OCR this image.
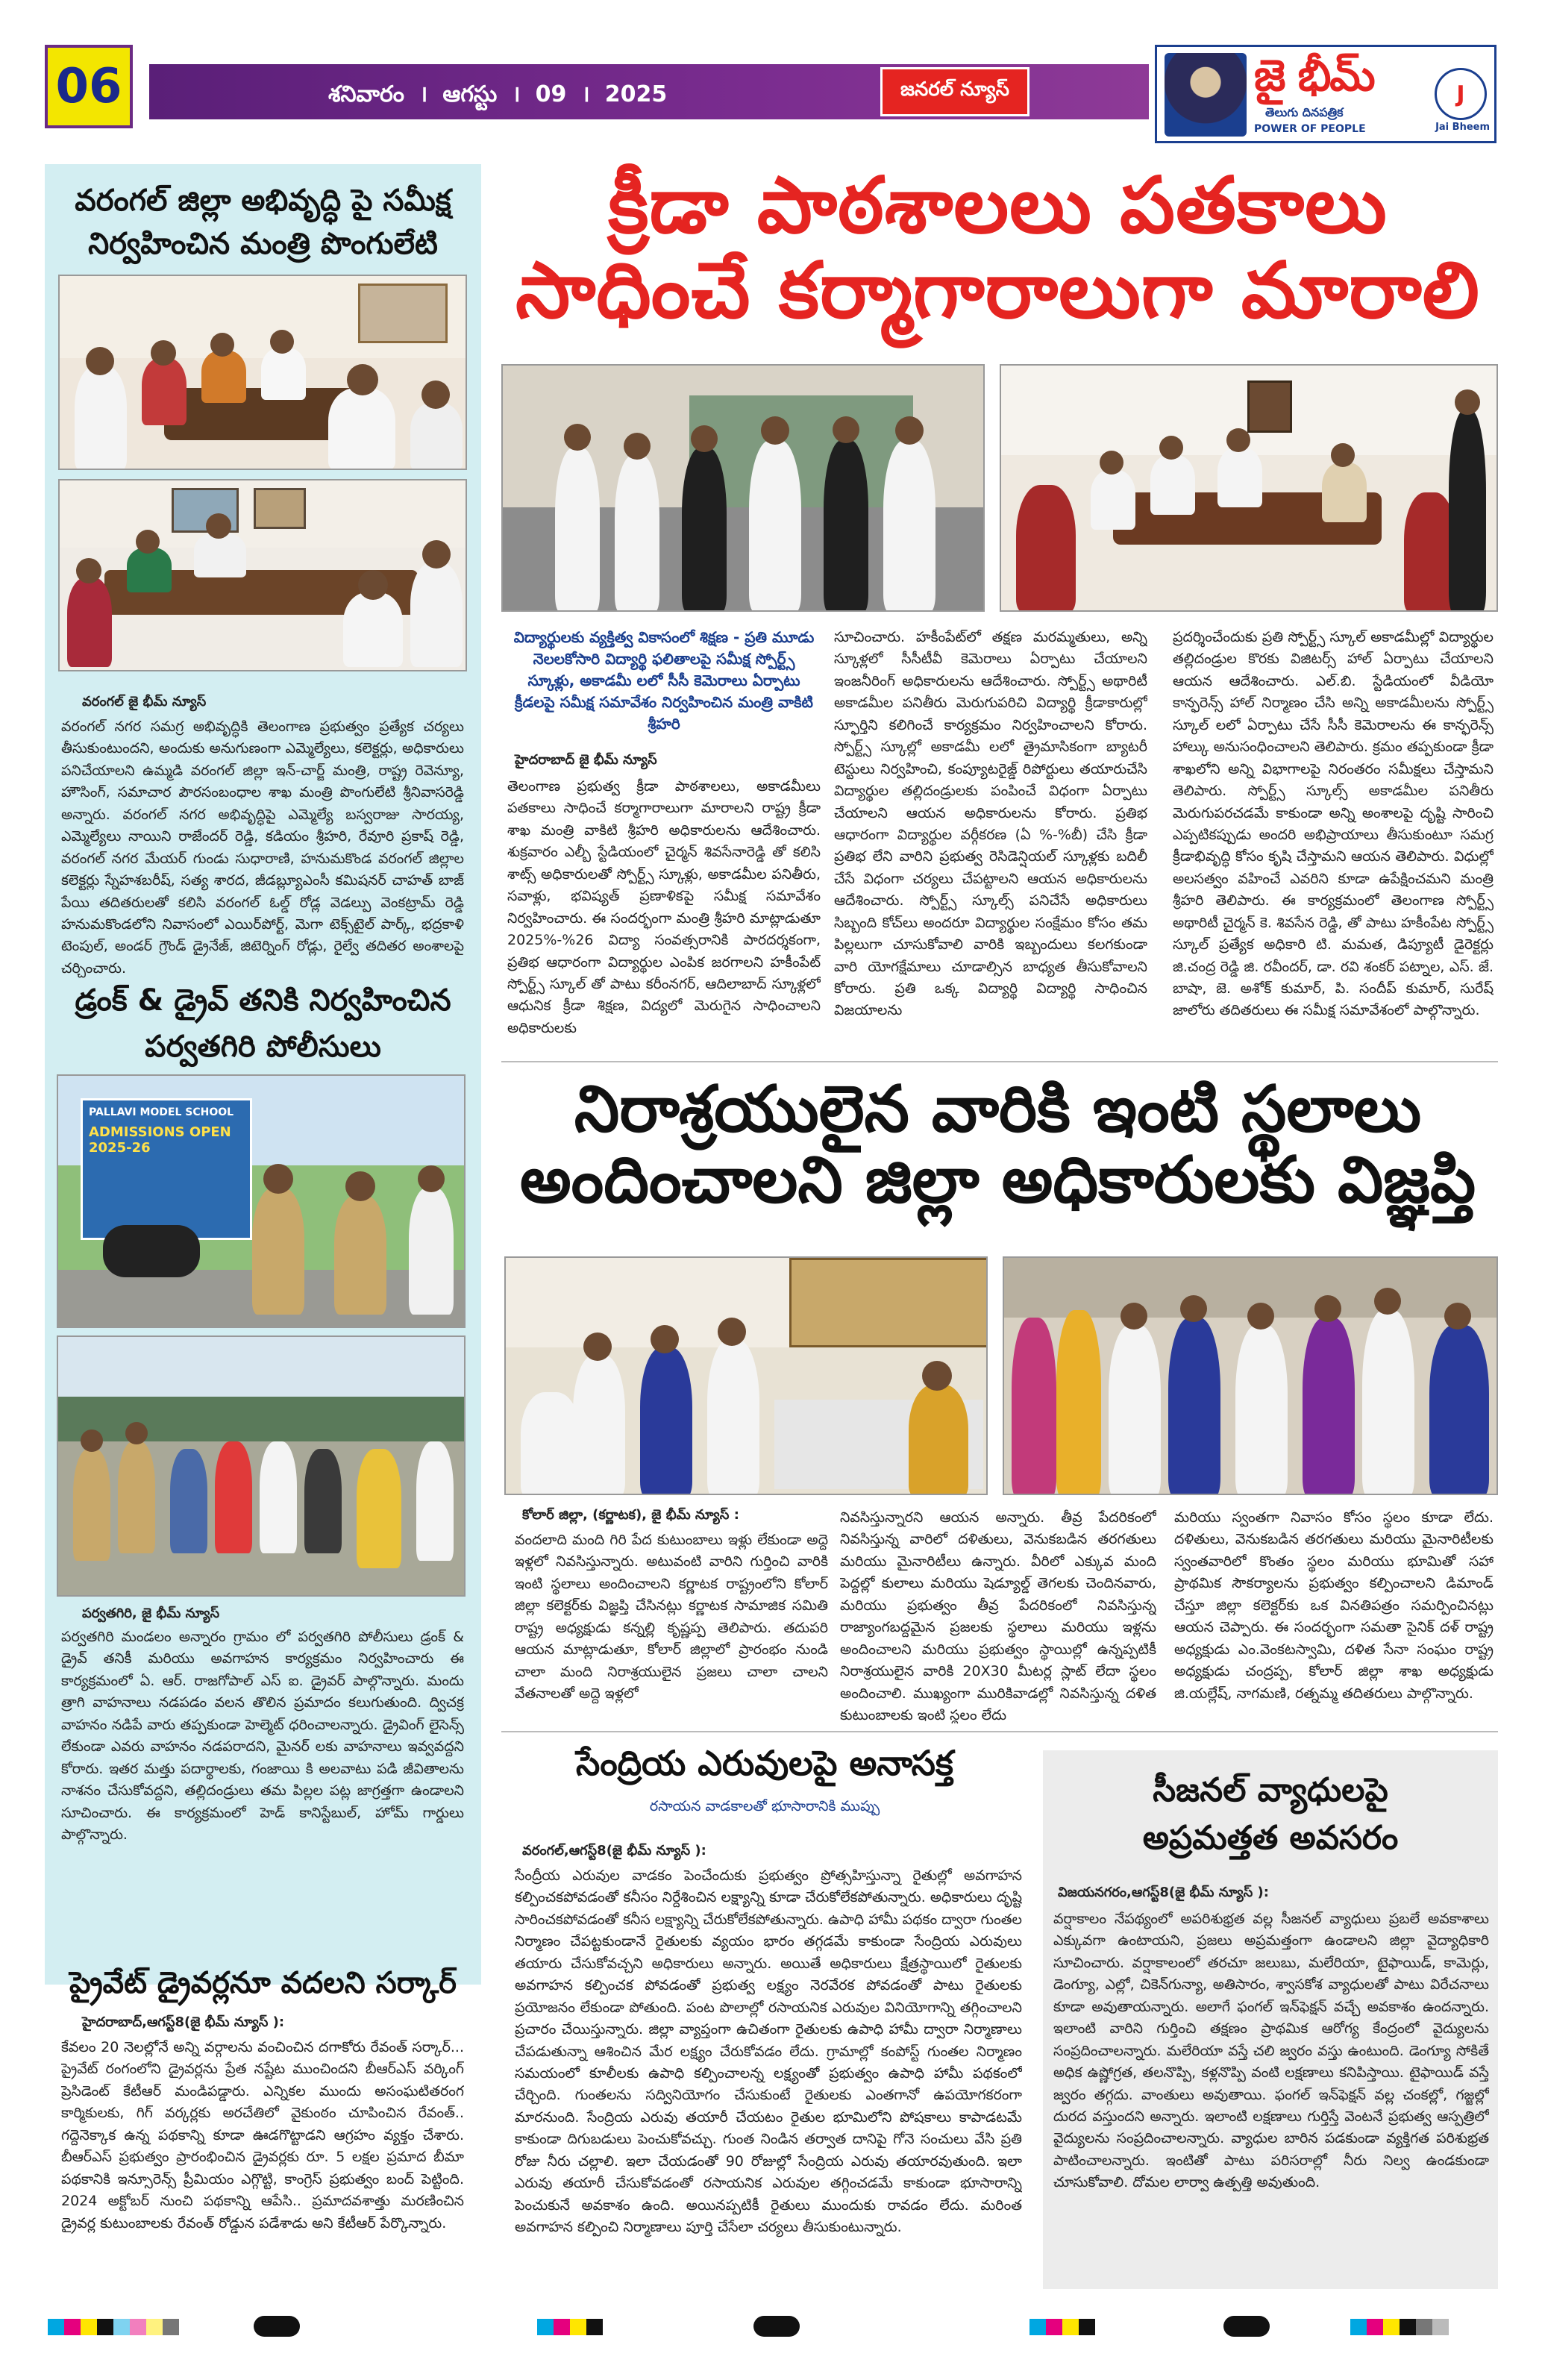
06	శనివారం । ఆగస్టు । 09 । 2025	జనరల్ న్యూస్	జై భీమ్
తెలుగు దినపత్రిక
POWER OF PEOPLE
J
Jai Bheem
వరంగల్ జిల్లా అభివృద్ధి పై సమీక్ష
నిర్వహించిన మంత్రి పొంగులేటి
వరంగల్ జై భీమ్ న్యూస్
వరంగల్ నగర సమగ్ర అభివృద్ధికి తెలంగాణ ప్రభుత్వం ప్రత్యేక చర్యలు తీసుకుంటుందని, అందుకు అనుగుణంగా ఎమ్మెల్యేలు, కలెక్టర్లు, అధికారులు పనిచేయాలని ఉమ్మడి వరంగల్ జిల్లా ఇన్-చార్జ్ మంత్రి, రాష్ట్ర రెవెన్యూ, హౌసింగ్, సమాచార పౌరసంబంధాల శాఖ మంత్రి పొంగులేటి శ్రీనివాసరెడ్డి అన్నారు. వరంగల్ నగర అభివృద్ధిపై ఎమ్మెల్యే బస్వరాజు సారయ్య, ఎమ్మెల్యేలు నాయిని రాజేందర్ రెడ్డి, కడియం శ్రీహరి, రేవూరి ప్రకాష్ రెడ్డి, వరంగల్ నగర మేయర్ గుండు సుధారాణి, హనుమకొండ వరంగల్ జిల్లాల కలెక్టర్లు స్నేహశబరీష్, సత్య శారద, జీడబ్ల్యూఎంసీ కమిషనర్ చాహత్ బాజ్ పేయి తదితరులతో కలిసి వరంగల్ ఓల్డ్ రోడ్ల వెడల్పు వెంకట్రామ్ రెడ్డి హనుమకొండలోని నివాసంలో ఎయిర్‌పోర్ట్, మెగా టెక్స్‌టైల్ పార్క్, భద్రకాళి టెంపుల్, అండర్ గ్రౌండ్ డ్రైనేజ్, జిటెర్నింగ్ రోడ్లు, రైల్వే తదితర అంశాలపై చర్చించారు.
డ్రంక్ & డ్రైవ్ తనికి నిర్వహించిన
పర్వతగిరి పోలీసులు
PALLAVI MODEL SCHOOL
ADMISSIONS OPEN 2025-26
పర్వతగిరి, జై భీమ్ న్యూస్
పర్వతగిరి మండలం అన్నారం గ్రామం లో పర్వతగిరి పోలీసులు డ్రంక్ & డ్రైవ్ తనికీ మరియు అవగాహన కార్యక్రమం నిర్వహించారు ఈ కార్యక్రమంలో ఏ. ఆర్. రాజగోపాల్ ఎస్ ఐ. డ్రైవర్ పాల్గొన్నారు. మందు త్రాగి వాహనాలు నడపడం వలన తొలిన ప్రమాదం కలుగుతుంది. ద్విచక్ర వాహనం నడిపే వారు తప్పకుండా హెల్మెట్ ధరించాలన్నారు. డ్రైవింగ్ లైసెన్స్ లేకుండా ఎవరు వాహనం నడపరాదని, మైనర్ లకు వాహనాలు ఇవ్వవద్దని కోరారు. ఇతర మత్తు పదార్థాలకు, గంజాయి కి అలవాటు పడి జీవితాలను నాశనం చేసుకోవద్దని, తల్లిదండ్రులు తమ పిల్లల పట్ల జాగ్రత్తగా ఉండాలని సూచించారు. ఈ కార్యక్రమంలో హెడ్ కానిస్టేబుల్, హోమ్ గార్డులు పాల్గొన్నారు.
ప్రైవేట్ డ్రైవర్లనూ వదలని సర్కార్
హైదరాబాద్,ఆగస్ట్8(జై భీమ్ న్యూస్ ):
కేవలం 20 నెలల్లోనే అన్ని వర్గాలను వంచించిన దగాకోరు రేవంత్ సర్కార్... ప్రైవేట్ రంగంలోని డ్రైవర్లను ప్రేత నష్టేట ముంచిందని బీఆర్‌ఎస్ వర్కింగ్ ప్రెసిడెంట్ కేటీఆర్ మండిపడ్డారు. ఎన్నికల ముందు అసంఘటితరంగ కార్మికులకు, గిగ్ వర్కర్లకు అరచేతిలో వైకుంఠం చూపించిన రేవంత్.. గద్దెనెక్కాక ఉన్న పథకాన్ని కూడా ఊడగొట్టాడని ఆగ్రహం వ్యక్తం చేశారు. బీఆర్ఎస్ ప్రభుత్వం ప్రారంభించిన డ్రైవర్లకు రూ. 5 లక్షల ప్రమాద బీమా పథకానికి ఇన్సూరెన్స్ ప్రీమియం ఎగ్గొట్టి, కాంగ్రెస్ ప్రభుత్వం బంద్ పెట్టింది. 2024 అక్టోబర్ నుంచి పథకాన్ని ఆపేసి.. ప్రమాదవశాత్తు మరణించిన డ్రైవర్ల కుటుంబాలకు రేవంత్ రోడ్డున పడేశాడు అని కేటీఆర్ పేర్కొన్నారు.
క్రీడా పాఠశాలలు పతకాలు
సాధించే కర్మాగారాలుగా మారాలి
విద్యార్థులకు వ్యక్తిత్వ వికాసంలో శిక్షణ - ప్రతి మూడు నెలలకోసారి విద్యార్థి ఫలితాలపై సమీక్ష స్పోర్ట్స్ స్కూళ్లు, అకాడమీ లలో సీసీ కెమెరాలు ఏర్పాటు క్రీడలపై సమీక్ష సమావేశం నిర్వహించిన మంత్రి వాకిటి శ్రీహరి
హైదరాబాద్ జై భీమ్ న్యూస్
తెలంగాణ ప్రభుత్వ క్రీడా పాఠశాలలు, అకాడమీలు పతకాలు సాధించే కర్మాగారాలుగా మారాలని రాష్ట్ర క్రీడా శాఖ మంత్రి వాకిటి శ్రీహరి అధికారులను ఆదేశించారు. శుక్రవారం ఎల్బీ స్టేడియంలో చైర్మన్ శివసేనారెడ్డి తో కలిసి శాట్స్ అధికారులతో స్పోర్ట్స్ స్కూళ్లు, అకాడమీల పనితీరు, సవాళ్లు, భవిష్యత్ ప్రణాళికపై సమీక్ష సమావేశం నిర్వహించారు. ఈ సందర్భంగా మంత్రి శ్రీహరి మాట్లాడుతూ 2025%-%26 విద్యా సంవత్సరానికి పారదర్శకంగా, ప్రతిభ ఆధారంగా విద్యార్థుల ఎంపిక జరగాలని హకీంపేట్ స్పోర్ట్స్ స్కూల్ తో పాటు కరీంనగర్, ఆదిలాబాద్ స్కూళ్లలో ఆధునిక క్రీడా శిక్షణ, విద్యలో మెరుగైన సాధించాలని అధికారులకు
సూచించారు. హకీంపేట్‌లో తక్షణ మరమ్మతులు, అన్ని స్కూళ్లలో సీసీటీవీ కెమెరాలు ఏర్పాటు చేయాలని ఇంజనీరింగ్ అధికారులను ఆదేశించారు. స్పోర్ట్స్ అథారిటీ అకాడమీల పనితీరు మెరుగుపరిచి విద్యార్థి క్రీడాకారుల్లో స్ఫూర్తిని కలిగించే కార్యక్రమం నిర్వహించాలని కోరారు. స్పోర్ట్స్ స్కూల్లో అకాడమీ లలో త్రైమాసికంగా బ్యాటరీ టెస్టులు నిర్వహించి, కంప్యూటరైజ్డ్ రిపోర్టులు తయారుచేసి విద్యార్థుల తల్లిదండ్రులకు పంపించే విధంగా ఏర్పాటు చేయాలని ఆయన అధికారులను కోరారు. ప్రతిభ ఆధారంగా విద్యార్థుల వర్గీకరణ (ఏ %-%బీ) చేసి క్రీడా ప్రతిభ లేని వారిని ప్రభుత్వ రెసిడెన్షియల్ స్కూళ్లకు బదిలీ చేసే విధంగా చర్యలు చేపట్టాలని ఆయన అధికారులను ఆదేశించారు. స్పోర్ట్స్ స్కూల్స్ పనిచేసే అధికారులు సిబ్బంది కోచ్‌లు అందరూ విద్యార్థుల సంక్షేమం కోసం తమ పిల్లలుగా చూసుకోవాలి వారికి ఇబ్బందులు కలగకుండా వారి యోగక్షేమాలు చూడాల్సిన బాధ్యత తీసుకోవాలని కోరారు. ప్రతి ఒక్క విద్యార్థి విద్యార్థి సాధించిన విజయాలను
ప్రదర్శించేందుకు ప్రతి స్పోర్ట్స్ స్కూల్ అకాడమీల్లో విద్యార్థుల తల్లిదండ్రుల కొరకు విజిటర్స్ హాల్ ఏర్పాటు చేయాలని ఆయన ఆదేశించారు. ఎల్.బి. స్టేడియంలో వీడియో కాన్ఫరెన్స్ హాల్ నిర్మాణం చేసి అన్ని అకాడమీలను స్పోర్ట్స్ స్కూల్ లలో ఏర్పాటు చేసే సీసీ కెమెరాలను ఈ కాన్ఫరెన్స్ హాల్కు అనుసంధించాలని తెలిపారు. క్రమం తప్పకుండా క్రీడా శాఖలోని అన్ని విభాగాలపై నిరంతరం సమీక్షలు చేస్తామని తెలిపారు. స్పోర్ట్స్ స్కూల్స్ అకాడమీల పనితీరు మెరుగుపరచడమే కాకుండా అన్ని అంశాలపై దృష్టి సారించి ఎప్పటికప్పుడు అందరి అభిప్రాయాలు తీసుకుంటూ సమగ్ర క్రీడాభివృద్ధి కోసం కృషి చేస్తామని ఆయన తెలిపారు. విధుల్లో అలసత్వం వహించే ఎవరిని కూడా ఉపేక్షించమని మంత్రి శ్రీహరి తెలిపారు. ఈ కార్యక్రమంలో తెలంగాణ స్పోర్ట్స్ అథారిటీ చైర్మన్ కె. శివసేన రెడ్డి, తో పాటు హకీంపేట స్పోర్ట్స్ స్కూల్ ప్రత్యేక అధికారి టి. మమత, డిప్యూటీ డైరెక్టర్లు జి.చంద్ర రెడ్డి జి. రవీందర్, డా. రవి శంకర్ పట్నాల, ఎస్. జే. బాషా, జె. అశోక్ కుమార్, పి. సందీప్ కుమార్, సురేష్ జాలోరు తదితరులు ఈ సమీక్ష సమావేశంలో పాల్గొన్నారు.
నిరాశ్రయులైన వారికి ఇంటి స్థలాలు
అందించాలని జిల్లా అధికారులకు విజ్ఞప్తి
కోలార్ జిల్లా, (కర్ణాటక), జై భీమ్ న్యూస్ :
వందలాది మంది గిరి పేద కుటుంబాలు ఇళ్లు లేకుండా అద్దె ఇళ్లలో నివసిస్తున్నారు. అటువంటి వారిని గుర్తించి వారికి ఇంటి స్థలాలు అందించాలని కర్ణాటక రాష్ట్రంలోని కోలార్ జిల్లా కలెక్టర్‌కు విజ్ఞప్తి చేసినట్లు కర్ణాటక సామాజిక సమితి రాష్ట్ర అధ్యక్షుడు కన్నల్లి కృష్ణప్ప తెలిపారు. తదుపరి ఆయన మాట్లాడుతూ, కోలార్ జిల్లాలో ప్రారంభం నుండి చాలా మంది నిరాశ్రయులైన ప్రజలు చాలా చాలని వేతనాలతో అద్దె ఇళ్లలో
నివసిస్తున్నారని ఆయన అన్నారు. తీవ్ర పేదరికంలో నివసిస్తున్న వారిలో దళితులు, వెనుకబడిన తరగతులు మరియు మైనారిటీలు ఉన్నారు. వీరిలో ఎక్కువ మంది పెద్దల్లో కులాలు మరియు షెడ్యూల్డ్ తెగలకు చెందినవారు, మరియు ప్రభుత్వం తీవ్ర పేదరికంలో నివసిస్తున్న రాజ్యాంగబద్దమైన ప్రజలకు స్థలాలు మరియు ఇళ్లను అందించాలని మరియు ప్రభుత్వం స్థాయిల్లో ఉన్నప్పటికీ నిరాశ్రయులైన వారికి 20X30 మీటర్ల స్లాట్ లేదా స్థలం అందించాలి. ముఖ్యంగా మురికివాడల్లో నివసిస్తున్న దళిత కుటుంబాలకు ఇంటి స్థలం లేదు
మరియు స్వంతగా నివాసం కోసం స్థలం కూడా లేదు. దళితులు, వెనుకబడిన తరగతులు మరియు మైనారిటీలకు స్వంతవారిలో కొంతం స్థలం మరియు భూమితో సహా ప్రాథమిక సౌకర్యాలను ప్రభుత్వం కల్పించాలని డిమాండ్ చేస్తూ జిల్లా కలెక్టర్‌కు ఒక వినతిపత్రం సమర్పించినట్లు ఆయన చెప్పారు. ఈ సందర్భంగా సమతా సైనిక్ దళ్ రాష్ట్ర అధ్యక్షుడు ఎం.వెంకటస్వామి, దళిత సేనా సంఘం రాష్ట్ర అధ్యక్షుడు చంద్రప్ప, కోలార్ జిల్లా శాఖ అధ్యక్షుడు జి.యల్లేష్, నాగమణి, రత్నమ్మ తదితరులు పాల్గొన్నారు.
సేంద్రియ ఎరువులపై అనాసక్త
రసాయన వాడకాలతో భూసారానికి ముప్పు
వరంగల్,ఆగస్ట్8(జై భీమ్ న్యూస్ ):
సేంద్రీయ ఎరువుల వాడకం పెంచేందుకు ప్రభుత్వం ప్రోత్సహిస్తున్నా రైతుల్లో అవగాహన కల్పించకపోవడంతో కనీసం నిర్దేశించిన లక్ష్యాన్ని కూడా చేరుకోలేకపోతున్నారు. అధికారులు దృష్టి సారించకపోవడంతో కనీస లక్ష్యాన్ని చేరుకోలేకపోతున్నారు. ఉపాధి హామీ పథకం ద్వారా గుంతల నిర్మాణం చేపట్టకుండానే రైతులకు వ్యయం భారం తగ్గడమే కాకుండా సేంద్రియ ఎరువులు తయారు చేసుకోవచ్చని అధికారులు అన్నారు. అయితే అధికారులు క్షేత్రస్థాయిలో రైతులకు అవగాహన కల్పించక పోవడంతో ప్రభుత్వ లక్ష్యం నెరవేరక పోవడంతో పాటు రైతులకు ప్రయోజనం లేకుండా పోతుంది. పంట పొలాల్లో రసాయనిక ఎరువుల వినియోగాన్ని తగ్గించాలని ప్రచారం చేయిస్తున్నారు. జిల్లా వ్యాప్తంగా ఉచితంగా రైతులకు ఉపాధి హామీ ద్వారా నిర్మాణాలు చేపడుతున్నా ఆశించిన మేర లక్ష్యం చేరుకోవడం లేదు. గ్రామాల్లో కంపోస్ట్ గుంతల నిర్మాణం సమయంలో కూలీలకు ఉపాధి కల్పించాలన్న లక్ష్యంతో ప్రభుత్వం ఉపాధి హామీ పథకంలో చేర్చింది. గుంతలను సద్వినియోగం చేసుకుంటే రైతులకు ఎంతగానో ఉపయోగకరంగా మారనుంది. సేంద్రియ ఎరువు తయారీ చేయటం రైతుల భూమిలోని పోషకాలు కాపాడటమే కాకుండా దిగుబడులు పెంచుకోవచ్చు. గుంత నిండిన తర్వాత దానిపై గోనె సంచులు వేసి ప్రతి రోజు నీరు చల్లాలి. ఇలా చేయడంతో 90 రోజుల్లో సేంద్రియ ఎరువు తయారవుతుంది. ఇలా ఎరువు తయారీ చేసుకోవడంతో రసాయనిక ఎరువుల తగ్గించడమే కాకుండా భూసారాన్ని పెంచుకునే అవకాశం ఉంది. అయినప్పటికీ రైతులు ముందుకు రావడం లేదు. మరింత అవగాహన కల్పించి నిర్మాణాలు పూర్తి చేసేలా చర్యలు తీసుకుంటున్నారు.
సీజనల్ వ్యాధులపై
అప్రమత్తత అవసరం
విజయనగరం,ఆగస్ట్8(జై భీమ్ న్యూస్ ):
వర్షాకాలం నేపథ్యంలో అపరిశుభ్రత వల్ల సీజనల్ వ్యాధులు ప్రబలే అవకాశాలు ఎక్కువగా ఉంటాయని, ప్రజలు అప్రమత్తంగా ఉండాలని జిల్లా వైద్యాధికారి సూచించారు. వర్షాకాలంలో తరచూ జలుబు, మలేరియా, టైఫాయిడ్, కామెర్లు, డెంగ్యూ, ఎల్లో, చికెన్‌గున్యా, అతిసారం, శ్వాసకోశ వ్యాధులతో పాటు విరేచనాలు కూడా అవుతాయన్నారు. అలాగే ఫంగల్ ఇన్‌ఫెక్షన్ వచ్చే అవకాశం ఉందన్నారు. ఇలాంటి వారిని గుర్తించి తక్షణం ప్రాథమిక ఆరోగ్య కేంద్రంలో వైద్యులను సంప్రదించాలన్నారు. మలేరియా వస్తే చలి జ్వరం వస్తు ఉంటుంది. డెంగ్యూ సోకితే అధిక ఉష్ణోగ్రత, తలనొప్పి, కళ్లనొప్పి వంటి లక్షణాలు కనిపిస్తాయి. టైఫాయిడ్ వస్తే జ్వరం తగ్గదు. వాంతులు అవుతాయి. ఫంగల్ ఇన్‌ఫెక్షన్ వల్ల చంకల్లో, గజ్జల్లో దురద వస్తుందని అన్నారు. ఇలాంటి లక్షణాలు గుర్తిస్తే వెంటనే ప్రభుత్వ ఆస్పత్రిలో వైద్యులను సంప్రదించాలన్నారు. వ్యాధుల బారిన పడకుండా వ్యక్తిగత పరిశుభ్రత పాటించాలన్నారు. ఇంటితో పాటు పరిసరాల్లో నీరు నిల్వ ఉండకుండా చూసుకోవాలి. దోమల లార్వా ఉత్పత్తి అవుతుంది.
